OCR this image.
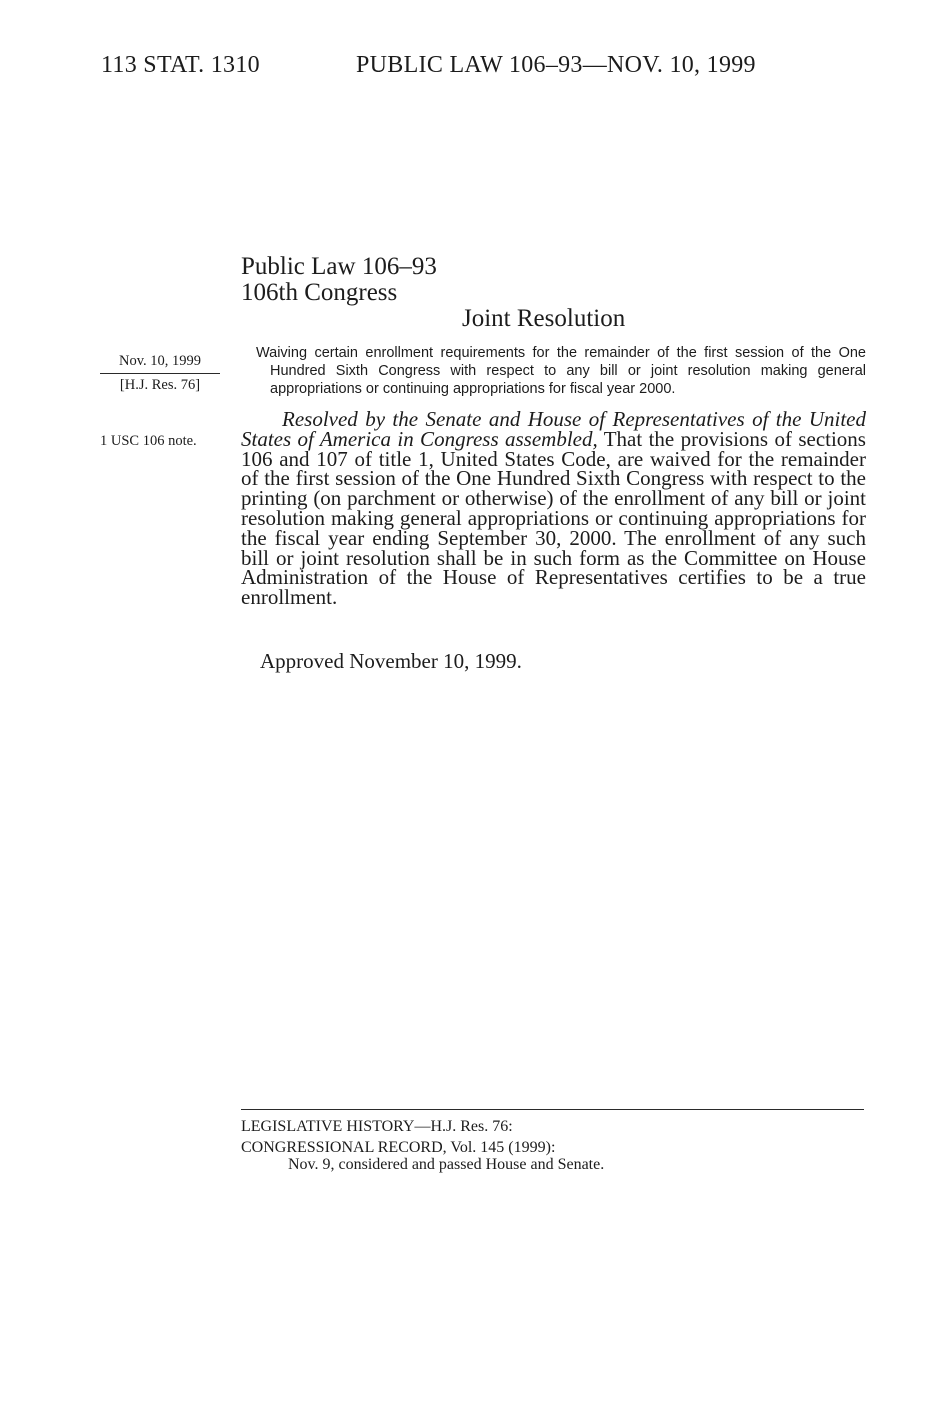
113 STAT. 1310	PUBLIC LAW 106–93—NOV. 10, 1999
Public Law 106–93
106th Congress
Joint Resolution
Nov. 10, 1999
[H.J. Res. 76]
1 USC 106 note.

Waiving certain enrollment requirements for the remainder of the first session of the One Hundred Sixth Congress with respect to any bill or joint resolution making general appropriations or continuing appropriations for fiscal year 2000.

Resolved by the Senate and House of Representatives of the United States of America in Congress assembled, That the provisions of sections 106 and 107 of title 1, United States Code, are waived for the remainder of the first session of the One Hundred Sixth Congress with respect to the printing (on parchment or otherwise) of the enrollment of any bill or joint resolution making general appropriations or continuing appropriations for the fiscal year ending September 30, 2000. The enrollment of any such bill or joint resolution shall be in such form as the Committee on House Administration of the House of Representatives certifies to be a true enrollment.

Approved November 10, 1999.
LEGISLATIVE HISTORY—H.J. Res. 76:
CONGRESSIONAL RECORD, Vol. 145 (1999):
Nov. 9, considered and passed House and Senate.
